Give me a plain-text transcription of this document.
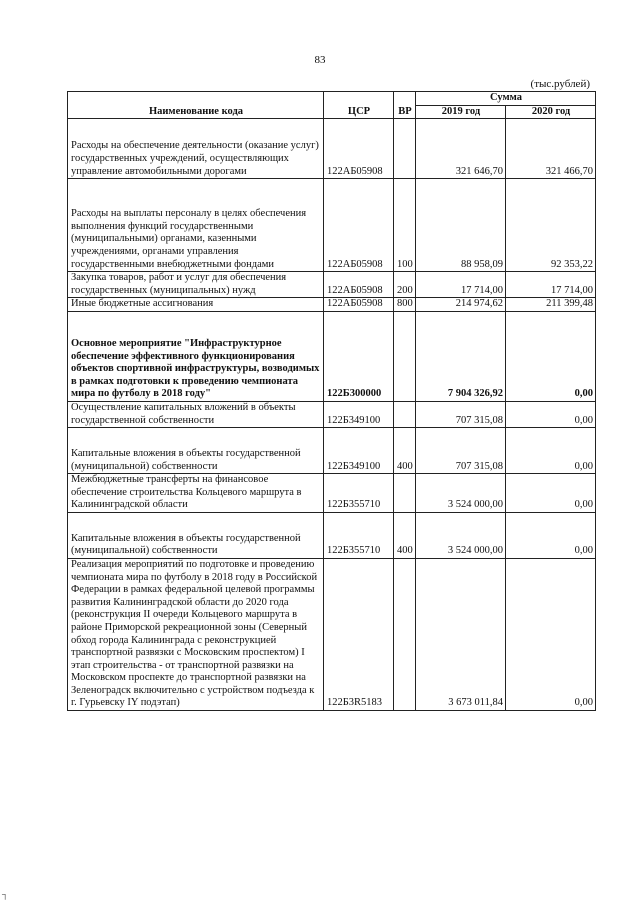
83
(тыс.рублей)
Наименование кода	ЦСР	ВР	Сумма	
			2019 год	2020 год
Расходы на обеспечение деятельности (оказание услуг) государственных учреждений, осуществляющих управление автомобильными дорогами	122АБ05908		321 646,70	321 466,70
Расходы на выплаты персоналу в целях обеспечения выполнения функций государственными (муниципальными) органами, казенными учреждениями, органами управления государственными внебюджетными фондами	122АБ05908	100	88 958,09	92 353,22
Закупка товаров, работ и услуг для обеспечения государственных (муниципальных) нужд	122АБ05908	200	17 714,00	17 714,00
Иные бюджетные ассигнования	122АБ05908	800	214 974,62	211 399,48
Основное мероприятие "Инфраструктурное обеспечение эффективного функционирования объектов спортивной инфраструктуры, возводимых в рамках подготовки к проведению чемпионата мира по футболу в 2018 году"	122Б300000		7 904 326,92	0,00
Осуществление капитальных вложений в объекты государственной собственности	122Б349100		707 315,08	0,00
Капитальные вложения в объекты государственной (муниципальной) собственности	122Б349100	400	707 315,08	0,00
Межбюджетные трансферты на финансовое обеспечение строительства Кольцевого маршрута в Калининградской области	122Б355710		3 524 000,00	0,00
Капитальные вложения в объекты государственной (муниципальной) собственности	122Б355710	400	3 524 000,00	0,00
Реализация мероприятий по подготовке и проведению чемпионата мира по футболу в 2018 году в Российской Федерации в рамках федеральной целевой программы развития Калининградской области до 2020 года (реконструкция II очереди Кольцевого маршрута в районе Приморской рекреационной зоны (Северный обход города Калининграда с реконструкцией транспортной развязки с Московским проспектом) I этап строительства - от транспортной развязки на Московском проспекте до транспортной развязки на Зеленоградск включительно с устройством подъезда к г. Гурьевску IY подэтап)	122Б3R5183		3 673 011,84	0,00
┐
